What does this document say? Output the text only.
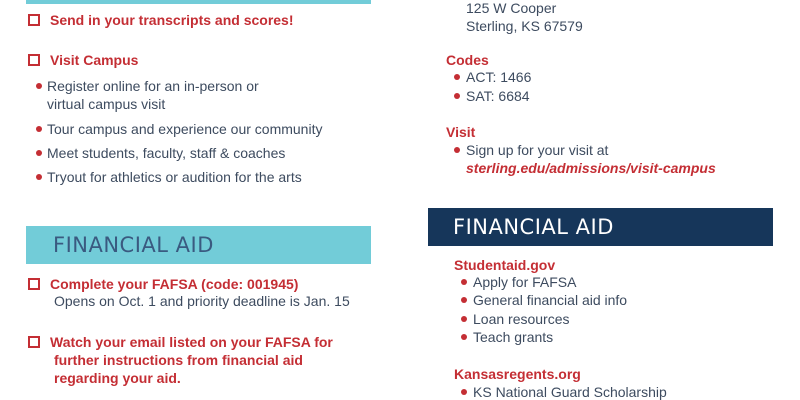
Send in your transcripts and scores!
Visit Campus
Register online for an in-person or
virtual campus visit
Tour campus and experience our community
Meet students, faculty, staff & coaches
Tryout for athletics or audition for the arts
FINANCIAL AID
Complete your FAFSA (code: 001945)
Opens on Oct. 1 and priority deadline is Jan. 15
Watch your email listed on your FAFSA for
further instructions from financial aid
regarding your aid.
125 W Cooper
Sterling, KS 67579
Codes
ACT: 1466
SAT: 6684
Visit
Sign up for your visit at
sterling.edu/admissions/visit-campus
FINANCIAL AID
Studentaid.gov
Apply for FAFSA
General financial aid info
Loan resources
Teach grants
Kansasregents.org
KS National Guard Scholarship
